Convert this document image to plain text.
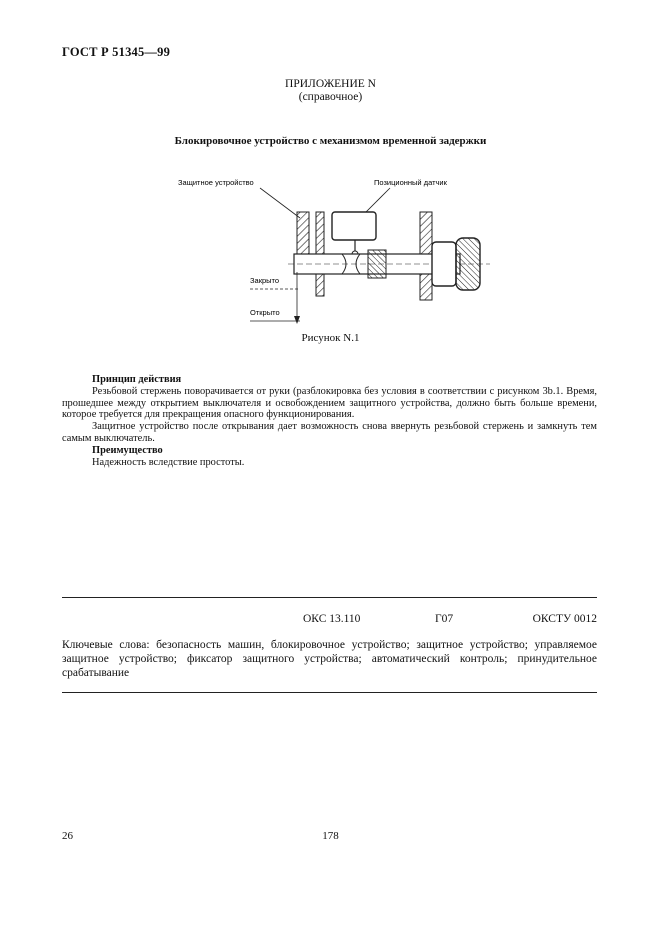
ГОСТ Р 51345—99
ПРИЛОЖЕНИЕ N
(справочное)
Блокировочное устройство с механизмом временной задержки
Защитное устройство	Позиционный датчик
Закрыто
Открыто
Рисунок N.1

Принцип действия

Резьбовой стержень поворачивается от руки (разблокировка без условия в соответствии с рисунком 3b.1. Время, прошедшее между открытием выключателя и освобождением защитного устройства, должно быть больше времени, которое требуется для прекращения опасного функционирования.

Защитное устройство после открывания дает возможность снова ввернуть резьбовой стержень и замкнуть тем самым выключатель.

Преимущество

Надежность вследствие простоты.

ОКС 13.110	Г07	ОКСТУ 0012
Ключевые слова: безопасность машин, блокировочное устройство; защитное устройство; управляемое защитное устройство; фиксатор защитного устройства; автоматический контроль; принудительное срабатывание
26	178
